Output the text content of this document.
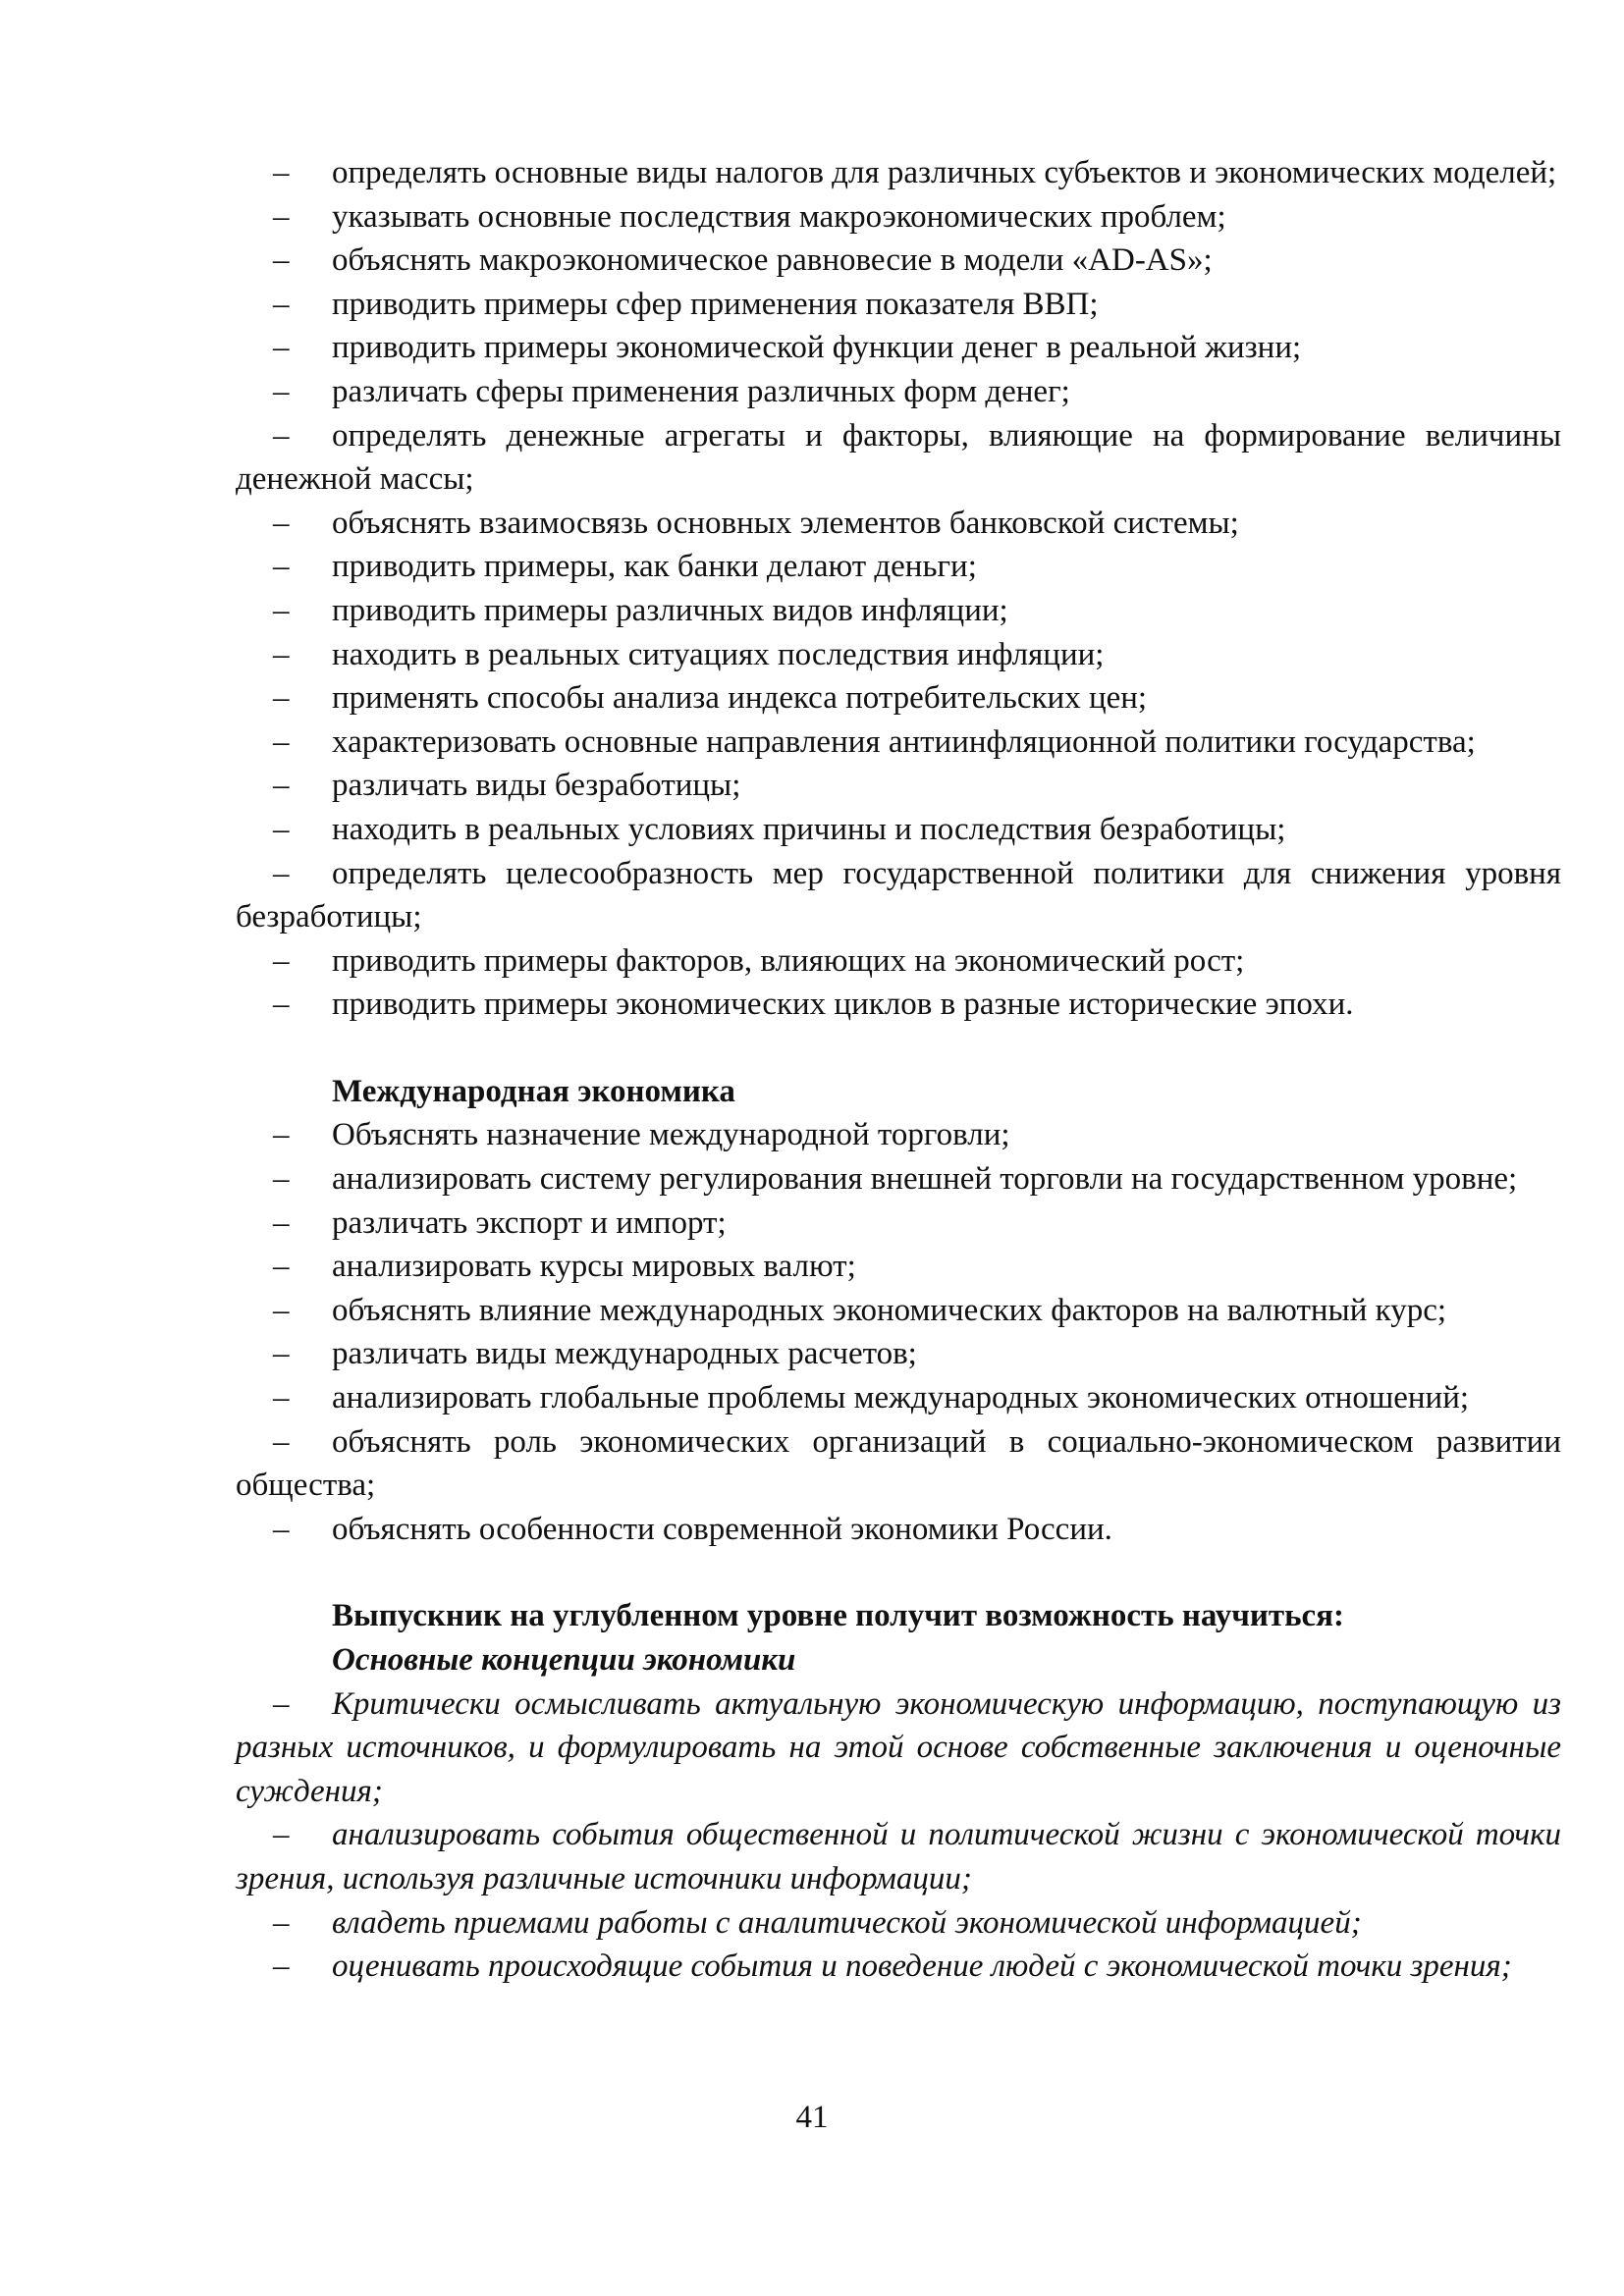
– определять основные виды налогов для различных субъектов и экономических моделей;

– указывать основные последствия макроэкономических проблем;

– объяснять макроэкономическое равновесие в модели «AD-AS»;

– приводить примеры сфер применения показателя ВВП;

– приводить примеры экономической функции денег в реальной жизни;

– различать сферы применения различных форм денег;

– определять денежные агрегаты и факторы, влияющие на формирование величины денежной массы;

– объяснять взаимосвязь основных элементов банковской системы;

– приводить примеры, как банки делают деньги;

– приводить примеры различных видов инфляции;

– находить в реальных ситуациях последствия инфляции;

– применять способы анализа индекса потребительских цен;

– характеризовать основные направления антиинфляционной политики государства;

– различать виды безработицы;

– находить в реальных условиях причины и последствия безработицы;

– определять целесообразность мер государственной политики для снижения уровня безработицы;

– приводить примеры факторов, влияющих на экономический рост;

– приводить примеры экономических циклов в разные исторические эпохи.

Международная экономика

– Объяснять назначение международной торговли;

– анализировать систему регулирования внешней торговли на государственном уровне;

– различать экспорт и импорт;

– анализировать курсы мировых валют;

– объяснять влияние международных экономических факторов на валютный курс;

– различать виды международных расчетов;

– анализировать глобальные проблемы международных экономических отношений;

– объяснять роль экономических организаций в социально-экономическом развитии общества;

– объяснять особенности современной экономики России.

Выпускник на углубленном уровне получит возможность научиться:

Основные концепции экономики

– Критически осмысливать актуальную экономическую информацию, поступающую из разных источников, и формулировать на этой основе собственные заключения и оценочные суждения;

– анализировать события общественной и политической жизни с экономической точки зрения, используя различные источники информации;

– владеть приемами работы с аналитической экономической информацией;

– оценивать происходящие события и поведение людей с экономической точки зрения;

41
